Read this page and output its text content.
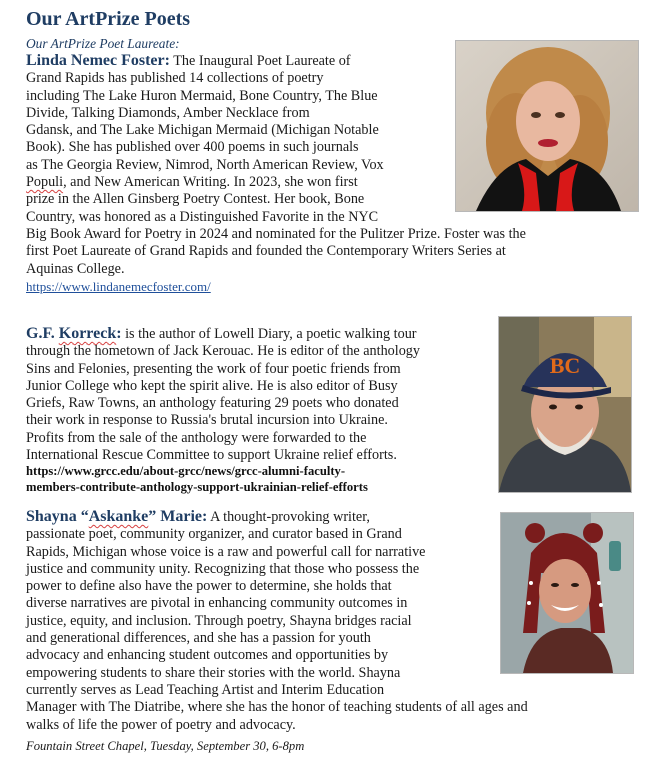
Our ArtPrize Poets
Our ArtPrize Poet Laureate:
Linda Nemec Foster: The Inaugural Poet Laureate of
Grand Rapids has published 14 collections of poetry
including The Lake Huron Mermaid, Bone Country, The Blue
Divide, Talking Diamonds, Amber Necklace from
Gdansk, and The Lake Michigan Mermaid (Michigan Notable
Book). She has published over 400 poems in such journals
as The Georgia Review, Nimrod, North American Review, Vox
Populi, and New American Writing. In 2023, she won first
prize in the Allen Ginsberg Poetry Contest. Her book, Bone
Country, was honored as a Distinguished Favorite in the NYC
Big Book Award for Poetry in 2024 and nominated for the Pulitzer Prize. Foster was the
first Poet Laureate of Grand Rapids and founded the Contemporary Writers Series at
Aquinas College.
https://www.lindanemecfoster.com/
G.F. Korreck: is the author of Lowell Diary, a poetic walking tour
through the hometown of Jack Kerouac. He is editor of the anthology
Sins and Felonies, presenting the work of four poetic friends from
Junior College who kept the spirit alive. He is also editor of Busy
Griefs, Raw Towns, an anthology featuring 29 poets who donated
their work in response to Russia's brutal incursion into Ukraine.
Profits from the sale of the anthology were forwarded to the
International Rescue Committee to support Ukraine relief efforts.
https://www.grcc.edu/about-grcc/news/grcc-alumni-faculty-
members-contribute-anthology-support-ukrainian-relief-efforts
BC
Shayna “Askanke” Marie: A thought-provoking writer,
passionate poet, community organizer, and curator based in Grand
Rapids, Michigan whose voice is a raw and powerful call for narrative
justice and community unity. Recognizing that those who possess the
power to define also have the power to determine, she holds that
diverse narratives are pivotal in enhancing community outcomes in
justice, equity, and inclusion. Through poetry, Shayna bridges racial
and generational differences, and she has a passion for youth
advocacy and enhancing student outcomes and opportunities by
empowering students to share their stories with the world. Shayna
currently serves as Lead Teaching Artist and Interim Education
Manager with The Diatribe, where she has the honor of teaching students of all ages and
walks of life the power of poetry and advocacy.
Fountain Street Chapel, Tuesday, September 30, 6-8pm
